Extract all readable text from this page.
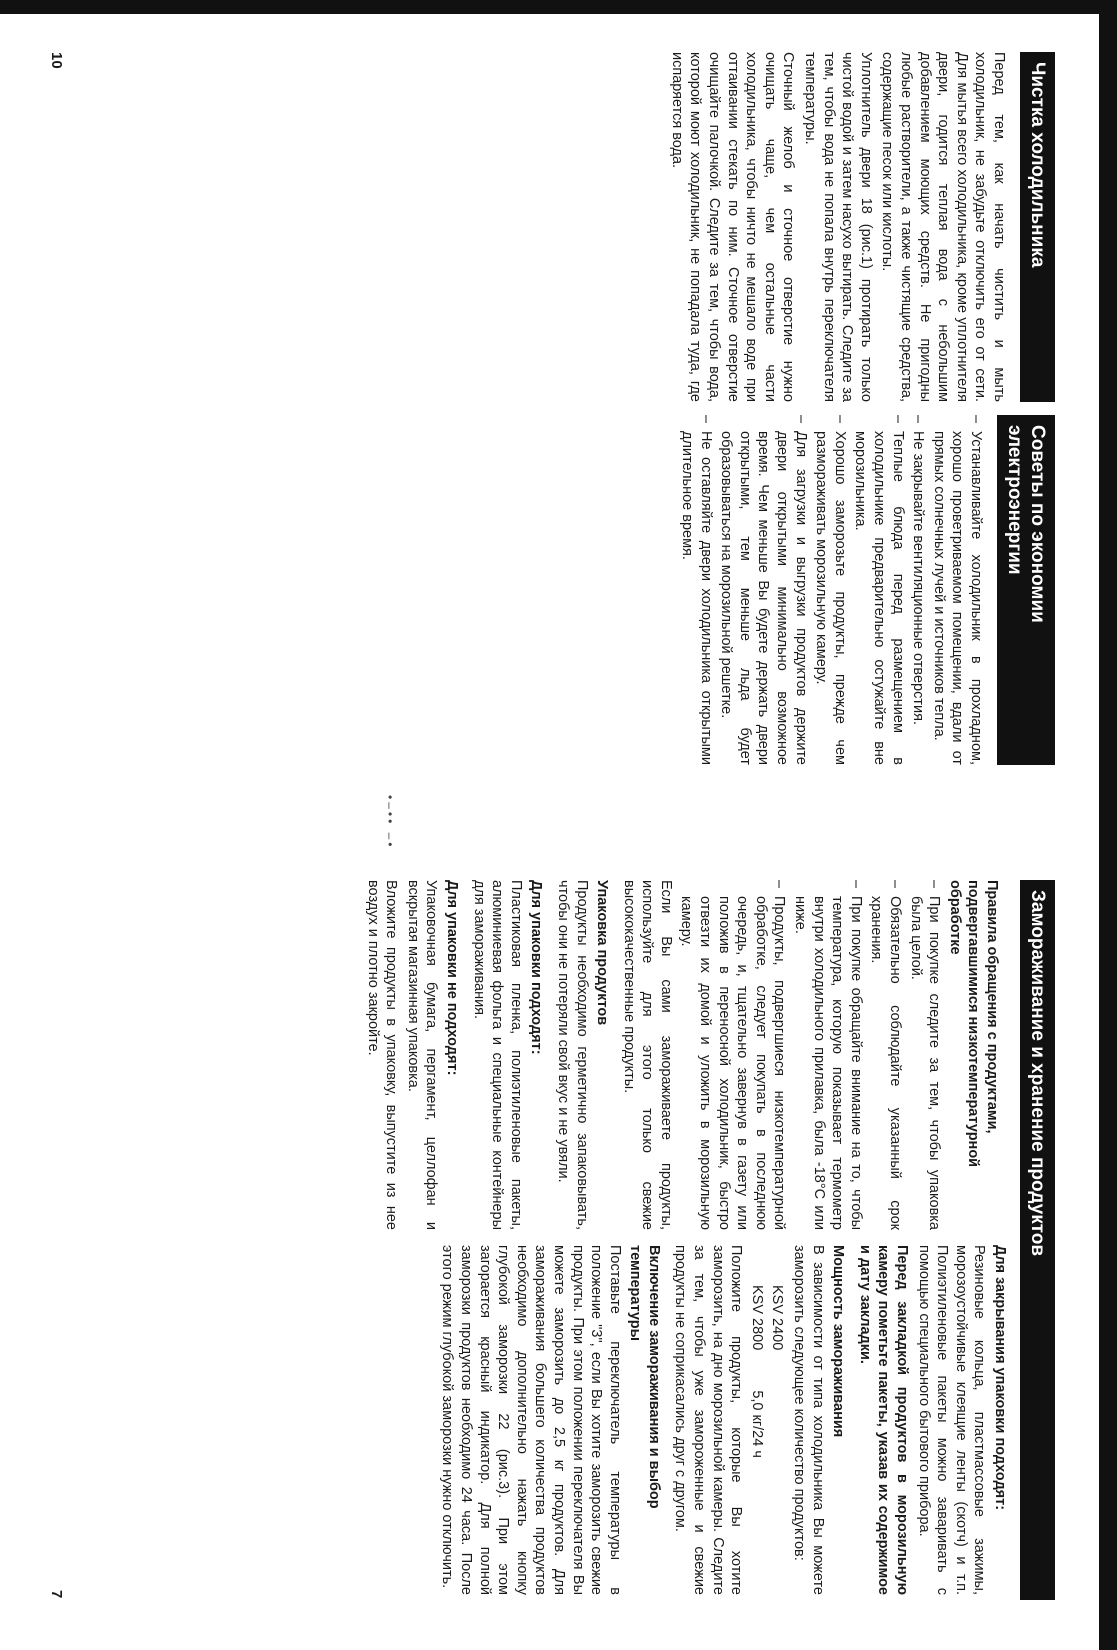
10
7
•–•• –•
Чистка холодильника

Перед тем, как начать чистить и мыть холодильник, не забудьте отключить его от сети. Для мытья всего холодильника, кроме уплотнителя двери, годится теплая вода с небольшим добавлением моющих средств. Не пригодны любые растворители, а также чистящие средства, содержащие песок или кислоты.

Уплотнитель двери 18 (рис.1) протирать только чистой водой и затем насухо вытирать. Следите за тем, чтобы вода не попала внутрь переключателя температуры.

Сточный желоб и сточное отверстие нужно очищать чаще, чем остальные части холодильника, чтобы ничто не мешало воде при оттаивании стекать по ним. Сточное отверстие очищайте палочкой. Следите за тем, чтобы вода, которой моют холодильник, не попадала туда, где испаряется вода.

Советы по экономии электроэнергии
– Устанавливайте холодильник в прохладном, хорошо проветриваемом помещении, вдали от прямых солнечных лучей и источников тепла.
– Не закрывайте вентиляционные отверстия.
– Теплые блюда перед размещением в холодильнике предварительно остужайте вне морозильника.
– Хорошо заморозьте продукты, прежде чем размораживать морозильную камеру.
– Для загрузки и выгрузки продуктов держите двери открытыми минимально возможное время. Чем меньше Вы будете держать двери открытыми, тем меньше льда будет образовываться на морозильной решетке.
– Не оставляйте двери холодильника открытыми длительное время.
Замораживание и хранение продуктов
Правила обращения с продуктами, подвергавшимися низкотемпературной обработке
– При покупке следите за тем, чтобы упаковка была целой.
– Обязательно соблюдайте указанный срок хранения.
– При покупке обращайте внимание на то, чтобы температура, которую показывает термометр внутри холодильного прилавка, была -18°С или ниже.
– Продукты, подвергшиеся низкотемпературной обработке, следует покупать в последнюю очередь, и, тщательно завернув в газету или положив в переносной холодильник, быстро отвезти их домой и уложить в морозильную камеру.

Если Вы сами замораживаете продукты, используйте для этого только свежие высококачественные продукты.

Упаковка продуктов

Продукты необходимо герметично запаковывать, чтобы они не потеряли свой вкус и не увяли.

Для упаковки подходят:

Пластиковая пленка, полиэтиленовые пакеты, алюминиевая фольга и специальные контейнеры для замораживания.

Для упаковки не подходят:

Упаковочная бумага, пергамент, целлофан и вскрытая магазинная упаковка.

Вложите продукты в упаковку, выпустите из нее воздух и плотно закройте.

Для закрывания упаковки подходят:

Резиновые кольца, пластмассовые зажимы, морозоустойчивые клеящие ленты (скотч) и т.п. Полиэтиленовые пакеты можно заваривать с помощью специального бытового прибора.

Перед закладкой продуктов в морозильную камеру пометьте пакеты, указав их содержимое и дату закладки.

Мощность замораживания

В зависимости от типа холодильника Вы можете заморозить следующее количество продуктов:

KSV 2400
KSV 2800
5,0 кг/24 ч

Положите продукты, которые Вы хотите заморозить, на дно морозильной камеры. Следите за тем, чтобы уже замороженные и свежие продукты не соприкасались друг с другом.

Включение замораживания и выбор температуры

Поставьте переключатель температуры в положение "3", если Вы хотите заморозить свежие продукты. При этом положении переключателя Вы можете заморозить до 2,5 кг продуктов. Для замораживания большего количества продуктов необходимо дополнительно нажать кнопку глубокой заморозки 22 (рис.3). При этом загорается красный индикатор. Для полной заморозки продуктов необходимо 24 часа. После этого режим глубокой заморозки нужно отключить.
